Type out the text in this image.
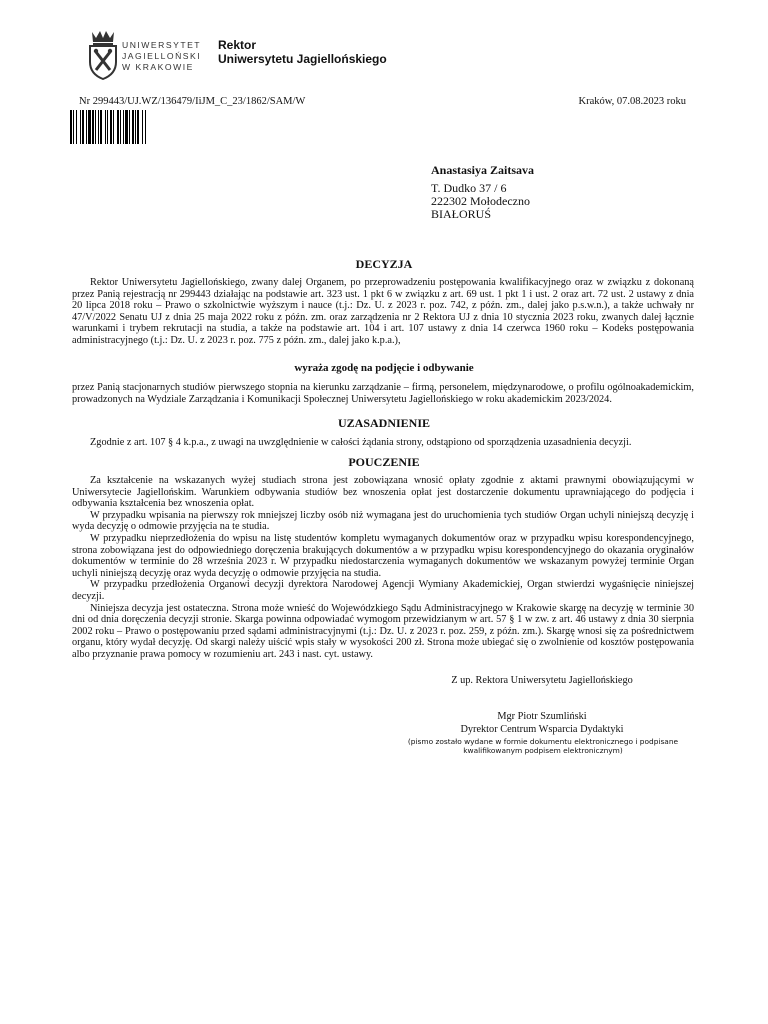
UNIWERSYTET
JAGIELLOŃSKI
W KRAKOWIE
Rektor
Uniwersytetu Jagiellońskiego
Nr 299443/UJ.WZ/136479/IiJM_C_23/1862/SAM/W	Kraków, 07.08.2023 roku
Anastasiya Zaitsava
T. Dudko 37 / 6
222302 Mołodeczno
BIAŁORUŚ
DECYZJA
Rektor Uniwersytetu Jagiellońskiego, zwany dalej Organem, po przeprowadzeniu postępowania kwalifikacyjnego oraz w związku z dokonaną przez Panią rejestracją nr 299443 działając na podstawie art. 323 ust. 1 pkt 6 w związku z art. 69 ust. 1 pkt 1 i ust. 2 oraz art. 72 ust. 2 ustawy z dnia 20 lipca 2018 roku – Prawo o szkolnictwie wyższym i nauce (t.j.: Dz. U. z 2023 r. poz. 742, z późn. zm., dalej jako p.s.w.n.), a także uchwały nr 47/V/2022 Senatu UJ z dnia 25 maja 2022 roku z późn. zm. oraz zarządzenia nr 2 Rektora UJ z dnia 10 stycznia 2023 roku, zwanych dalej łącznie warunkami i trybem rekrutacji na studia, a także na podstawie art. 104 i art. 107 ustawy z dnia 14 czerwca 1960 roku – Kodeks postępowania administracyjnego (t.j.: Dz. U. z 2023 r. poz. 775 z późn. zm., dalej jako k.p.a.),
wyraża zgodę na podjęcie i odbywanie
przez Panią stacjonarnych studiów pierwszego stopnia na kierunku zarządzanie – firmą, personelem, międzynarodowe, o profilu ogólnoakademickim, prowadzonych na Wydziale Zarządzania i Komunikacji Społecznej Uniwersytetu Jagiellońskiego w roku akademickim 2023/2024.
UZASADNIENIE
Zgodnie z art. 107 § 4 k.p.a., z uwagi na uwzględnienie w całości żądania strony, odstąpiono od sporządzenia uzasadnienia decyzji.
POUCZENIE
Za kształcenie na wskazanych wyżej studiach strona jest zobowiązana wnosić opłaty zgodnie z aktami prawnymi obowiązującymi w Uniwersytecie Jagiellońskim. Warunkiem odbywania studiów bez wnoszenia opłat jest dostarczenie dokumentu uprawniającego do podjęcia i odbywania kształcenia bez wnoszenia opłat.
W przypadku wpisania na pierwszy rok mniejszej liczby osób niż wymagana jest do uruchomienia tych studiów Organ uchyli niniejszą decyzję i wyda decyzję o odmowie przyjęcia na te studia.
W przypadku nieprzedłożenia do wpisu na listę studentów kompletu wymaganych dokumentów oraz w przypadku wpisu korespondencyjnego, strona zobowiązana jest do odpowiedniego doręczenia brakujących dokumentów a w przypadku wpisu korespondencyjnego do okazania oryginałów dokumentów w terminie do 28 września 2023 r. W przypadku niedostarczenia wymaganych dokumentów we wskazanym powyżej terminie Organ uchyli niniejszą decyzję oraz wyda decyzję o odmowie przyjęcia na studia.
W przypadku przedłożenia Organowi decyzji dyrektora Narodowej Agencji Wymiany Akademickiej, Organ stwierdzi wygaśnięcie niniejszej decyzji.
Niniejsza decyzja jest ostateczna. Strona może wnieść do Wojewódzkiego Sądu Administracyjnego w Krakowie skargę na decyzję w terminie 30 dni od dnia doręczenia decyzji stronie. Skarga powinna odpowiadać wymogom przewidzianym w art. 57 § 1 w zw. z art. 46 ustawy z dnia 30 sierpnia 2002 roku – Prawo o postępowaniu przed sądami administracyjnymi (t.j.: Dz. U. z 2023 r. poz. 259, z późn. zm.). Skargę wnosi się za pośrednictwem organu, który wydał decyzję. Od skargi należy uiścić wpis stały w wysokości 200 zł. Strona może ubiegać się o zwolnienie od kosztów postępowania albo przyznanie prawa pomocy w rozumieniu art. 243 i nast. cyt. ustawy.
Z up. Rektora Uniwersytetu Jagiellońskiego
Mgr Piotr Szumliński
Dyrektor Centrum Wsparcia Dydaktyki
(pismo zostało wydane w formie dokumentu elektronicznego i podpisane
kwalifikowanym podpisem elektronicznym)
